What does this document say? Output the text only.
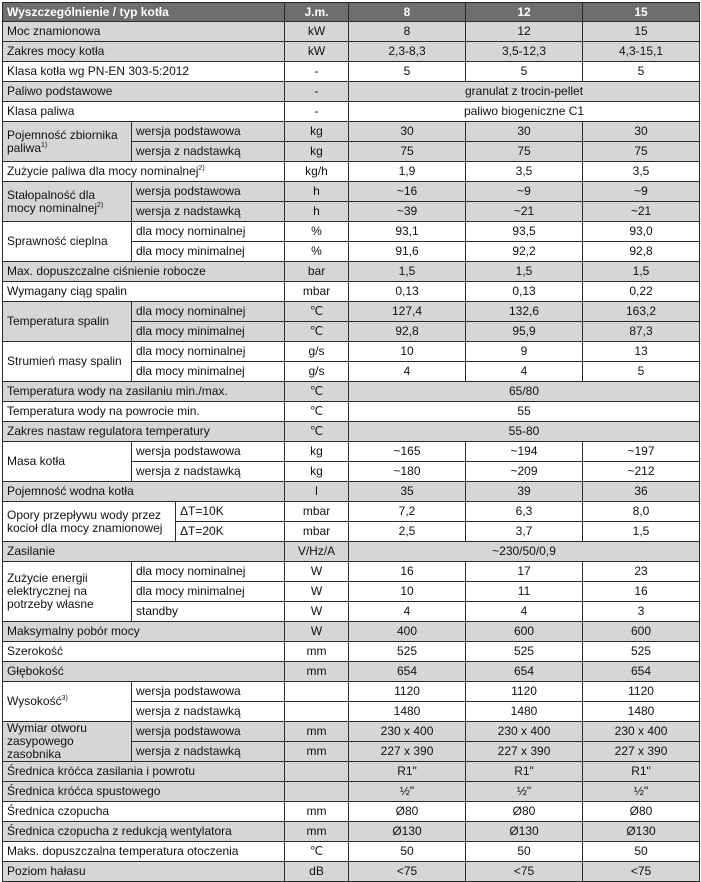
Wyszczególnienie / typ kotła			J.m.	8	12	15
Moc znamionowa			kW	8	12	15
Zakres mocy kotła			kW	2,3-8,3	3,5-12,3	4,3-15,1
Klasa kotła wg PN-EN 303-5:2012			-	5	5	5
Paliwo podstawowe			-	granulat z trocin-pellet		
Klasa paliwa			-	paliwo biogeniczne C1		
Pojemność zbiornika paliwa$^{1)}$	wersja podstawowa		kg	30	30	30
	wersja z nadstawką		kg	75	75	75
Zużycie paliwa dla mocy nominalnej$^{2)}$			kg/h	1,9	3,5	3,5
Stałopalność dla mocy nominalnej$^{2)}$	wersja podstawowa		h	~16	~9	~9
	wersja z nadstawką		h	~39	~21	~21
Sprawność cieplna	dla mocy nominalnej		%	93,1	93,5	93,0
	dla mocy minimalnej		%	91,6	92,2	92,8
Max. dopuszczalne ciśnienie robocze			bar	1,5	1,5	1,5
Wymagany ciąg spalin			mbar	0,13	0,13	0,22
Temperatura spalin	dla mocy nominalnej		℃	127,4	132,6	163,2
	dla mocy minimalnej		℃	92,8	95,9	87,3
Strumień masy spalin	dla mocy nominalnej		g/s	10	9	13
	dla mocy minimalnej		g/s	4	4	5
Temperatura wody na zasilaniu min./max.			℃	65/80		
Temperatura wody na powrocie min.			℃	55		
Zakres nastaw regulatora temperatury			℃	55-80		
Masa kotła	wersja podstawowa		kg	~165	~194	~197
	wersja z nadstawką		kg	~180	~209	~212
Pojemność wodna kotła			l	35	39	36
Opory przepływu wody przez kocioł dla mocy znamionowej		ΔT=10K	mbar	7,2	6,3	8,0
		ΔT=20K	mbar	2,5	3,7	1,5
Zasilanie			V/Hz/A	~230/50/0,9		
Zużycie energii elektrycznej na potrzeby własne	dla mocy nominalnej		W	16	17	23
	dla mocy minimalnej		W	10	11	16
	standby		W	4	4	3
Maksymalny pobór mocy			W	400	600	600
Szerokość			mm	525	525	525
Głębokość			mm	654	654	654
Wysokość$^{3)}$	wersja podstawowa			1120	1120	1120
	wersja z nadstawką			1480	1480	1480
Wymiar otworu zasypowego zasobnika	wersja podstawowa		mm	230 x 400	230 x 400	230 x 400
	wersja z nadstawką		mm	227 x 390	227 x 390	227 x 390
Średnica króćca zasilania i powrotu				R1"	R1"	R1"
Średnica króćca spustowego				½"	½"	½"
Średnica czopucha			mm	Ø80	Ø80	Ø80
Średnica czopucha z redukcją wentylatora			mm	Ø130	Ø130	Ø130
Maks. dopuszczalna temperatura otoczenia			℃	50	50	50
Poziom hałasu			dB	<75	<75	<75
